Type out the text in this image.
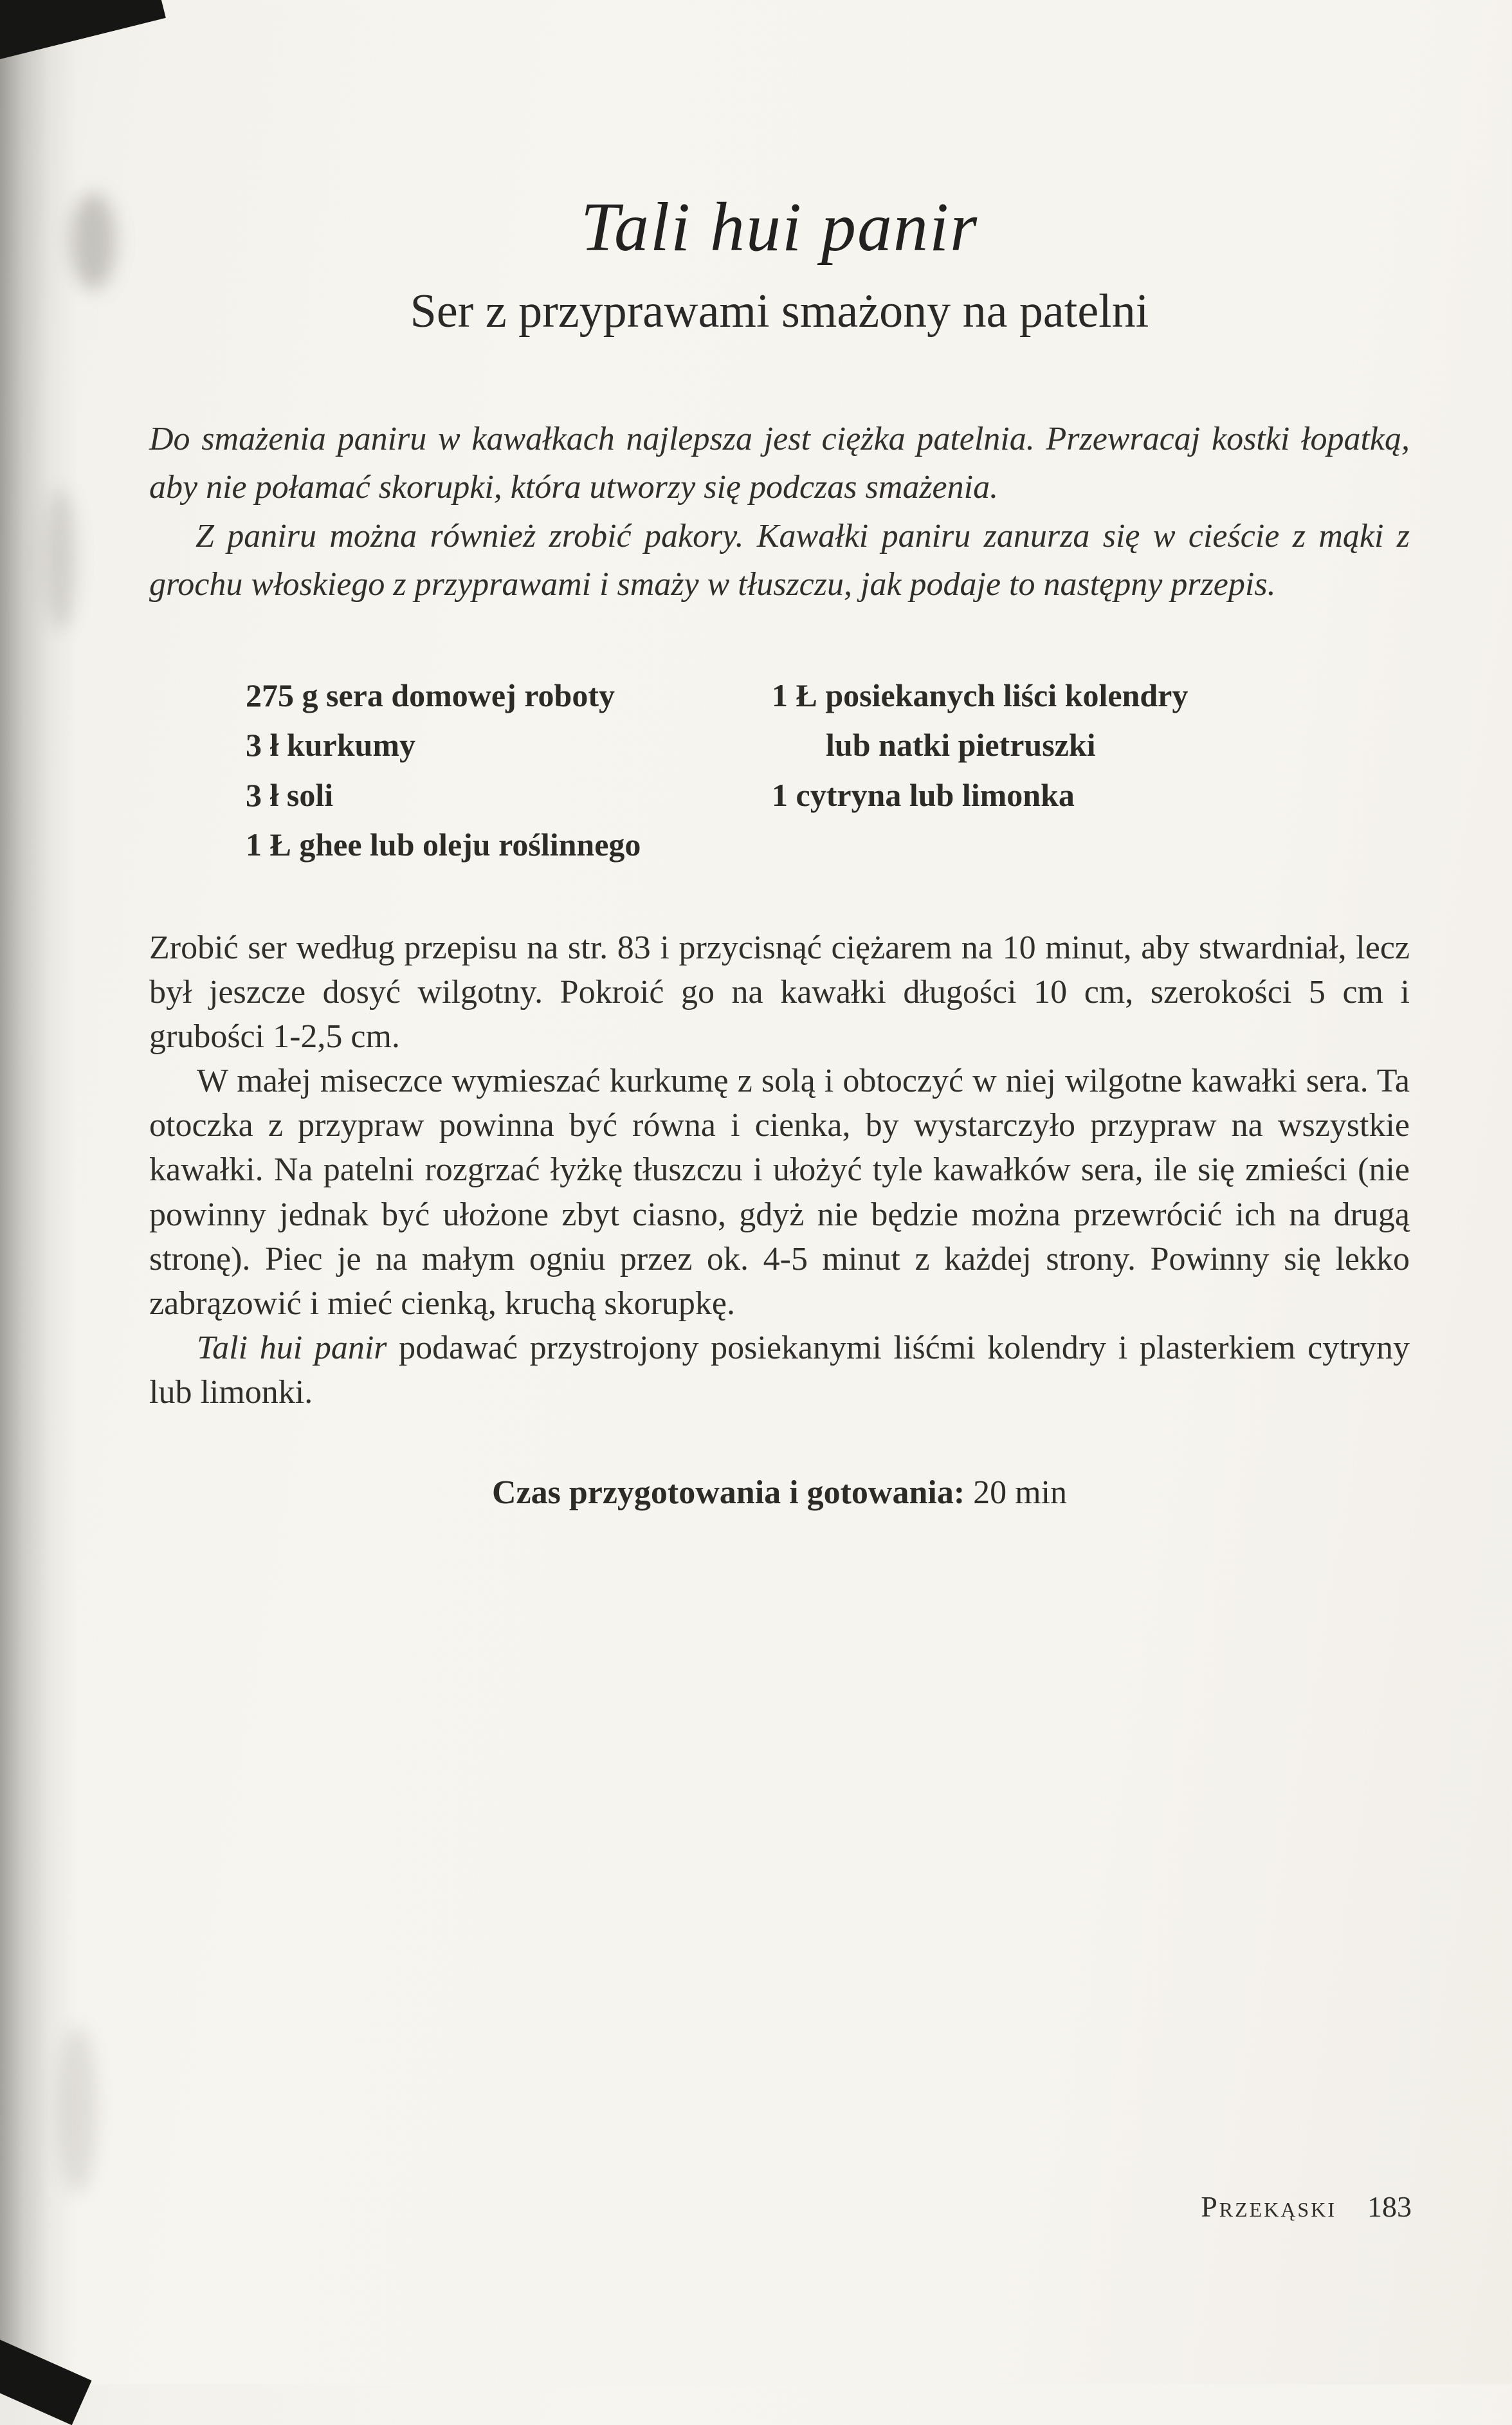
Tali hui panir
Ser z przyprawami smażony na patelni

Do smażenia paniru w kawałkach najlepsza jest ciężka patelnia. Przewracaj kostki łopatką, aby nie połamać skorupki, która utworzy się podczas smażenia.

Z paniru można również zrobić pakory. Kawałki paniru zanurza się w cieście z mąki z grochu włoskiego z przyprawami i smaży w tłuszczu, jak podaje to następny przepis.

275 g sera domowej roboty
3 ł kurkumy
3 ł soli
1 Ł ghee lub oleju roślinnego
1 Ł posiekanych liści kolendry lub natki pietruszki
1 cytryna lub limonka

Zrobić ser według przepisu na str. 83 i przycisnąć ciężarem na 10 minut, aby stwardniał, lecz był jeszcze dosyć wilgotny. Pokroić go na kawałki długości 10 cm, szerokości 5 cm i grubości 1-2,5 cm.

W małej miseczce wymieszać kurkumę z solą i obtoczyć w niej wilgotne kawałki sera. Ta otoczka z przypraw powinna być równa i cienka, by wystarczyło przypraw na wszystkie kawałki. Na patelni rozgrzać łyżkę tłuszczu i ułożyć tyle kawałków sera, ile się zmieści (nie powinny jednak być ułożone zbyt ciasno, gdyż nie będzie można przewrócić ich na drugą stronę). Piec je na małym ogniu przez ok. 4-5 minut z każdej strony. Powinny się lekko zabrązowić i mieć cienką, kruchą skorupkę.

Tali hui panir podawać przystrojony posiekanymi liśćmi kolendry i plasterkiem cytryny lub limonki.

Czas przygotowania i gotowania: 20 min

Przekąski 183
